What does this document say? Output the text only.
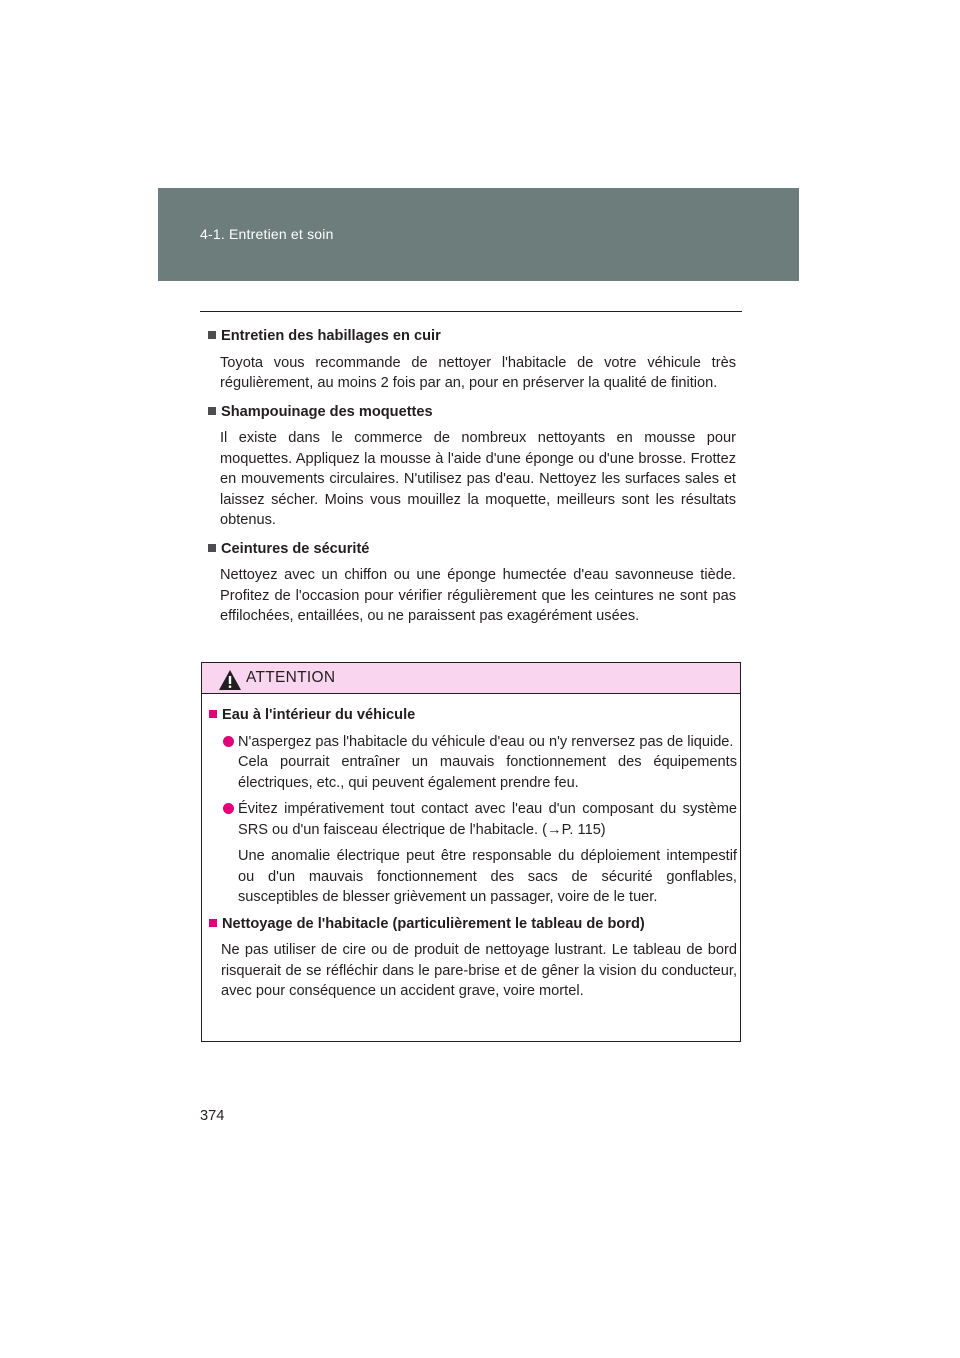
4-1. Entretien et soin

Entretien des habillages en cuir

Toyota vous recommande de nettoyer l'habitacle de votre véhicule très régulièrement, au moins 2 fois par an, pour en préserver la qualité de finition.

Shampouinage des moquettes

Il existe dans le commerce de nombreux nettoyants en mousse pour moquettes. Appliquez la mousse à l'aide d'une éponge ou d'une brosse. Frottez en mouvements circulaires. N'utilisez pas d'eau. Nettoyez les surfaces sales et laissez sécher. Moins vous mouillez la moquette, meilleurs sont les résultats obtenus.

Ceintures de sécurité

Nettoyez avec un chiffon ou une éponge humectée d'eau savonneuse tiède. Profitez de l'occasion pour vérifier régulièrement que les ceintures ne sont pas effilochées, entaillées, ou ne paraissent pas exagérément usées.

ATTENTION

Eau à l'intérieur du véhicule

N'aspergez pas l'habitacle du véhicule d'eau ou n'y renversez pas de liquide.
Cela pourrait entraîner un mauvais fonctionnement des équipements électriques, etc., qui peuvent également prendre feu.
Évitez impérativement tout contact avec l'eau d'un composant du système SRS ou d'un faisceau électrique de l'habitacle. (→P. 115)

Une anomalie électrique peut être responsable du déploiement intempestif ou d'un mauvais fonctionnement des sacs de sécurité gonflables, susceptibles de blesser grièvement un passager, voire de le tuer.

Nettoyage de l'habitacle (particulièrement le tableau de bord)

Ne pas utiliser de cire ou de produit de nettoyage lustrant. Le tableau de bord risquerait de se réfléchir dans le pare-brise et de gêner la vision du conducteur, avec pour conséquence un accident grave, voire mortel.

374
